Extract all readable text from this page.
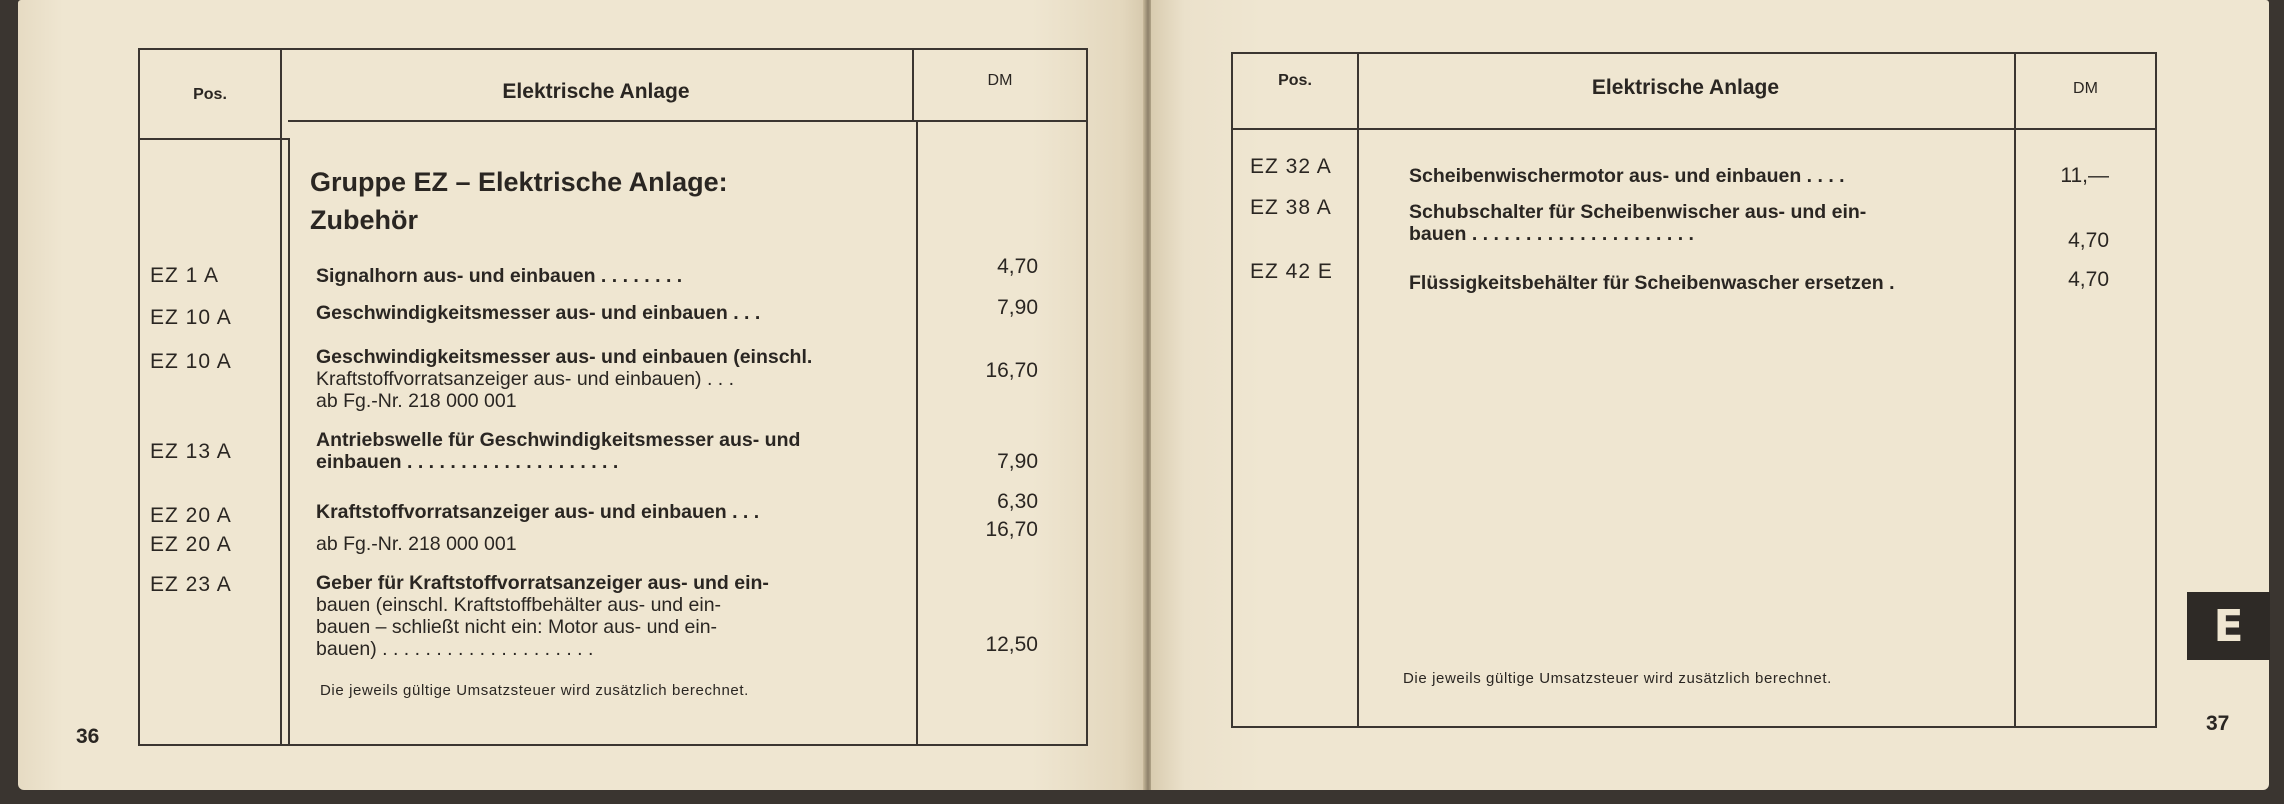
Pos.	Elektrische Anlage	DM
Gruppe EZ – Elektrische Anlage:
Zubehör
EZ 1 A	Signalhorn aus- und einbauen . . . . . . . .	4,70
EZ 10 A	Geschwindigkeitsmesser aus- und einbauen . . .	7,90
EZ 10 A	Geschwindigkeitsmesser aus- und einbauen (einschl.
Kraftstoffvorratsanzeiger aus- und einbauen) . . .
ab Fg.-Nr. 218 000 001
16,70
EZ 13 A	Antriebswelle für Geschwindigkeitsmesser aus- und
einbauen . . . . . . . . . . . . . . . . . . . .	7,90
EZ 20 A	Kraftstoffvorratsanzeiger aus- und einbauen . . .	6,30
EZ 20 A	ab Fg.-Nr. 218 000 001
16,70
EZ 23 A	Geber für Kraftstoffvorratsanzeiger aus- und ein-
bauen (einschl. Kraftstoffbehälter aus- und ein-
bauen – schließt nicht ein: Motor aus- und ein-
bauen) . . . . . . . . . . . . . . . . . . . .	12,50
Die jeweils gültige Umsatzsteuer wird zusätzlich berechnet.
36
Pos.	Elektrische Anlage	DM
EZ 32 A	Scheibenwischermotor aus- und einbauen . . . .	11,—
EZ 38 A	Schubschalter für Scheibenwischer aus- und ein-
bauen . . . . . . . . . . . . . . . . . . . . .	4,70
EZ 42 E	Flüssigkeitsbehälter für Scheibenwascher ersetzen .	4,70
Die jeweils gültige Umsatzsteuer wird zusätzlich berechnet.
37
E
